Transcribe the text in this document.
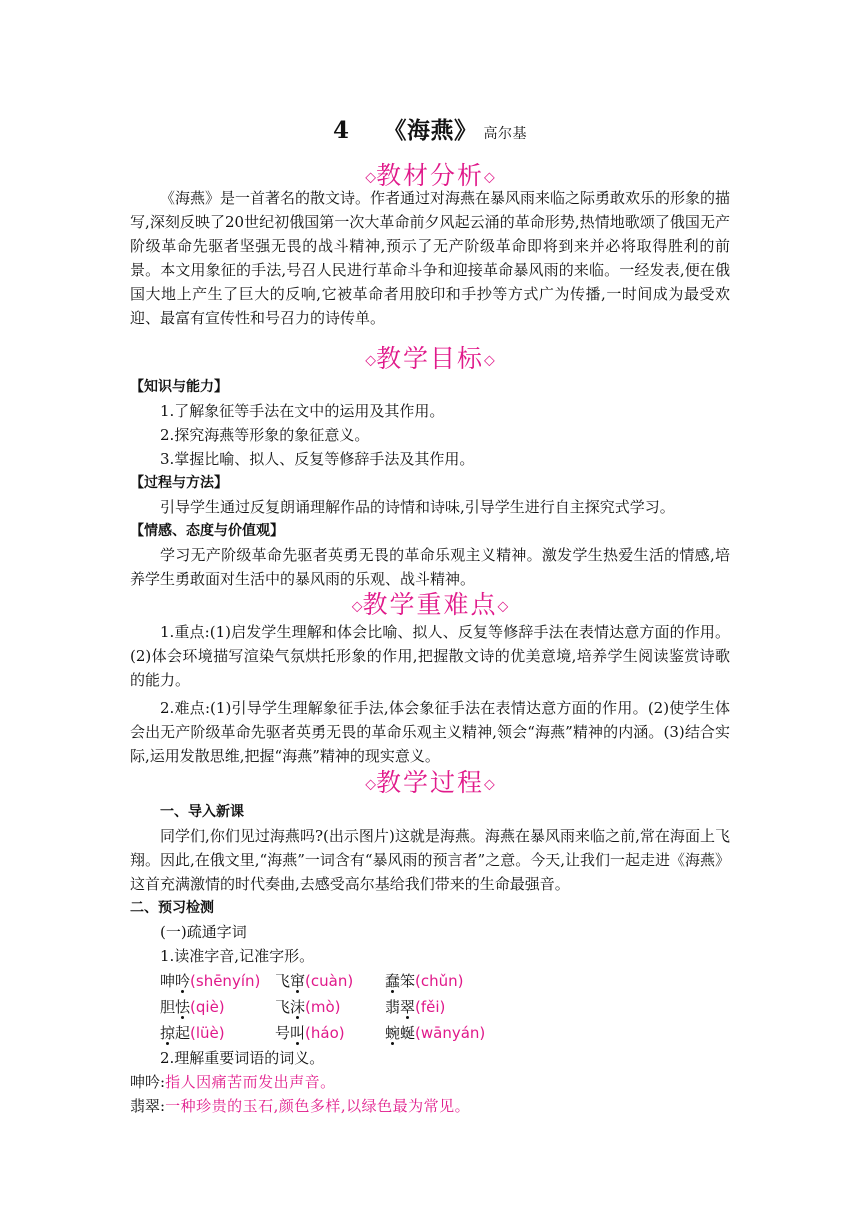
4 《海燕》 高尔基
◇教材分析◇

《海燕》是一首著名的散文诗。作者通过对海燕在暴风雨来临之际勇敢欢乐的形象的描写,深刻反映了20世纪初俄国第一次大革命前夕风起云涌的革命形势,热情地歌颂了俄国无产阶级革命先驱者坚强无畏的战斗精神,预示了无产阶级革命即将到来并必将取得胜利的前景。本文用象征的手法,号召人民进行革命斗争和迎接革命暴风雨的来临。一经发表,便在俄国大地上产生了巨大的反响,它被革命者用胶印和手抄等方式广为传播,一时间成为最受欢迎、最富有宣传性和号召力的诗传单。

◇教学目标◇

【知识与能力】

1.了解象征等手法在文中的运用及其作用。

2.探究海燕等形象的象征意义。

3.掌握比喻、拟人、反复等修辞手法及其作用。

【过程与方法】

引导学生通过反复朗诵理解作品的诗情和诗味,引导学生进行自主探究式学习。

【情感、态度与价值观】

学习无产阶级革命先驱者英勇无畏的革命乐观主义精神。激发学生热爱生活的情感,培养学生勇敢面对生活中的暴风雨的乐观、战斗精神。

◇教学重难点◇

1.重点:(1)启发学生理解和体会比喻、拟人、反复等修辞手法在表情达意方面的作用。(2)体会环境描写渲染气氛烘托形象的作用,把握散文诗的优美意境,培养学生阅读鉴赏诗歌的能力。

2.难点:(1)引导学生理解象征手法,体会象征手法在表情达意方面的作用。(2)使学生体会出无产阶级革命先驱者英勇无畏的革命乐观主义精神,领会“海燕”精神的内涵。(3)结合实际,运用发散思维,把握“海燕”精神的现实意义。

◇教学过程◇

一、导入新课

同学们,你们见过海燕吗?(出示图片)这就是海燕。海燕在暴风雨来临之前,常在海面上飞翔。因此,在俄文里,“海燕”一词含有“暴风雨的预言者”之意。今天,让我们一起走进《海燕》这首充满激情的时代奏曲,去感受高尔基给我们带来的生命最强音。

二、预习检测

(一)疏通字词

1.读准字音,记准字形。

呻吟(shēnyín) 飞窜(cuàn)	蠢笨(chǔn)
胆怯(qiè)	飞沫(mò)	翡翠(fěi)
掠起(lüè)	号叫(háo)	蜿蜒(wānyán)

2.理解重要词语的词义。

呻吟:指人因痛苦而发出声音。

翡翠:一种珍贵的玉石,颜色多样,以绿色最为常见。
